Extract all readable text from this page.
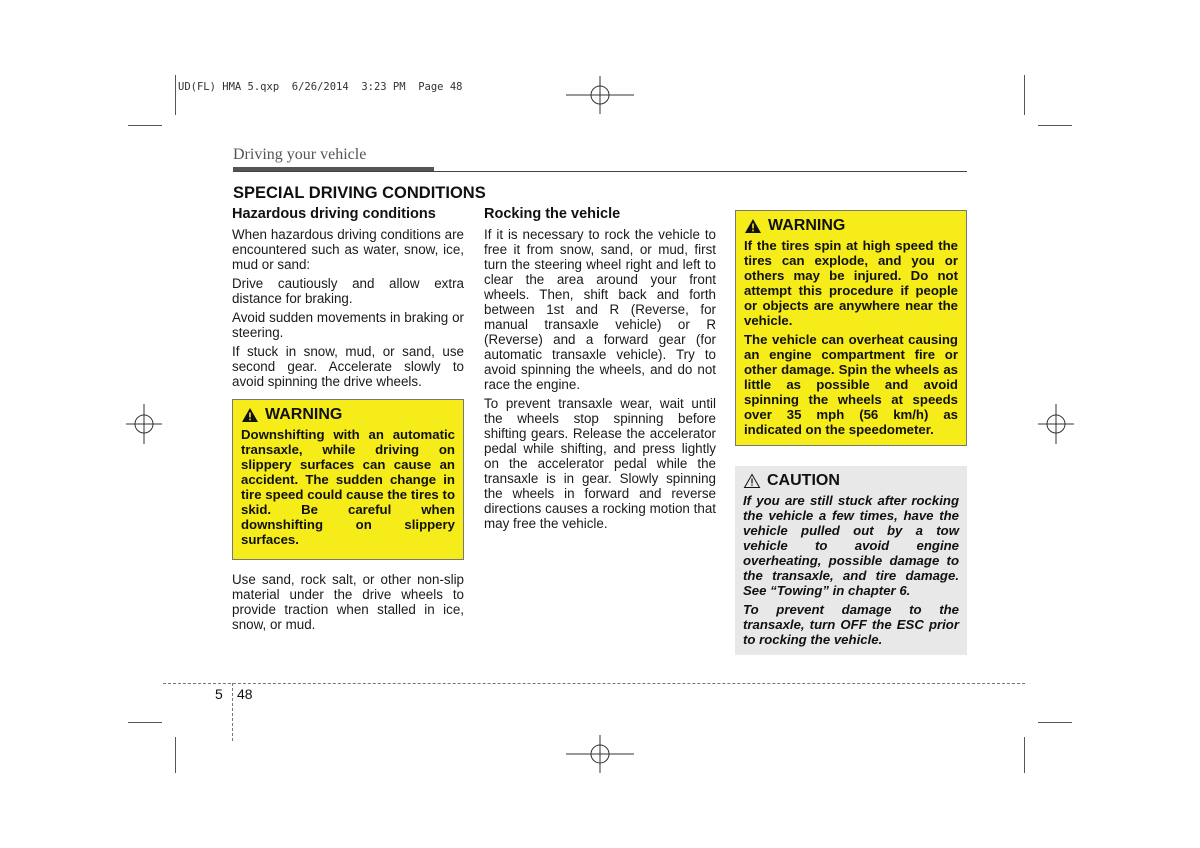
UD(FL) HMA 5.qxp  6/26/2014  3:23 PM  Page 48
Driving your vehicle
SPECIAL DRIVING CONDITIONS
Hazardous driving conditions

When hazardous driving conditions are encountered such as water, snow, ice, mud or sand:

Drive cautiously and allow extra distance for braking.

Avoid sudden movements in braking or steering.

If stuck in snow, mud, or sand, use second gear. Accelerate slowly to avoid spinning the drive wheels.

WARNING

Downshifting with an automatic transaxle, while driving on slippery surfaces can cause an accident. The sudden change in tire speed could cause the tires to skid. Be careful when downshifting on slippery surfaces.

Use sand, rock salt, or other non-slip material under the drive wheels to provide traction when stalled in ice, snow, or mud.

Rocking the vehicle

If it is necessary to rock the vehicle to free it from snow, sand, or mud, first turn the steering wheel right and left to clear the area around your front wheels. Then, shift back and forth between 1st and R (Reverse, for manual transaxle vehicle) or R (Reverse) and a forward gear (for automatic transaxle vehicle). Try to avoid spinning the wheels, and do not race the engine.

To prevent transaxle wear, wait until the wheels stop spinning before shifting gears. Release the accelerator pedal while shifting, and press lightly on the accelerator pedal while the transaxle is in gear. Slowly spinning the wheels in forward and reverse directions causes a rocking motion that may free the vehicle.

WARNING

If the tires spin at high speed the tires can explode, and you or others may be injured. Do not attempt this procedure if people or objects are anywhere near the vehicle.

The vehicle can overheat causing an engine compartment fire or other damage. Spin the wheels as little as possible and avoid spinning the wheels at speeds over 35 mph (56 km/h) as indicated on the speedometer.

CAUTION

If you are still stuck after rocking the vehicle a few times, have the vehicle pulled out by a tow vehicle to avoid engine overheating, possible damage to the transaxle, and tire damage. See “Towing” in chapter 6.

To prevent damage to the transaxle, turn OFF the ESC prior to rocking the vehicle.

5 48
